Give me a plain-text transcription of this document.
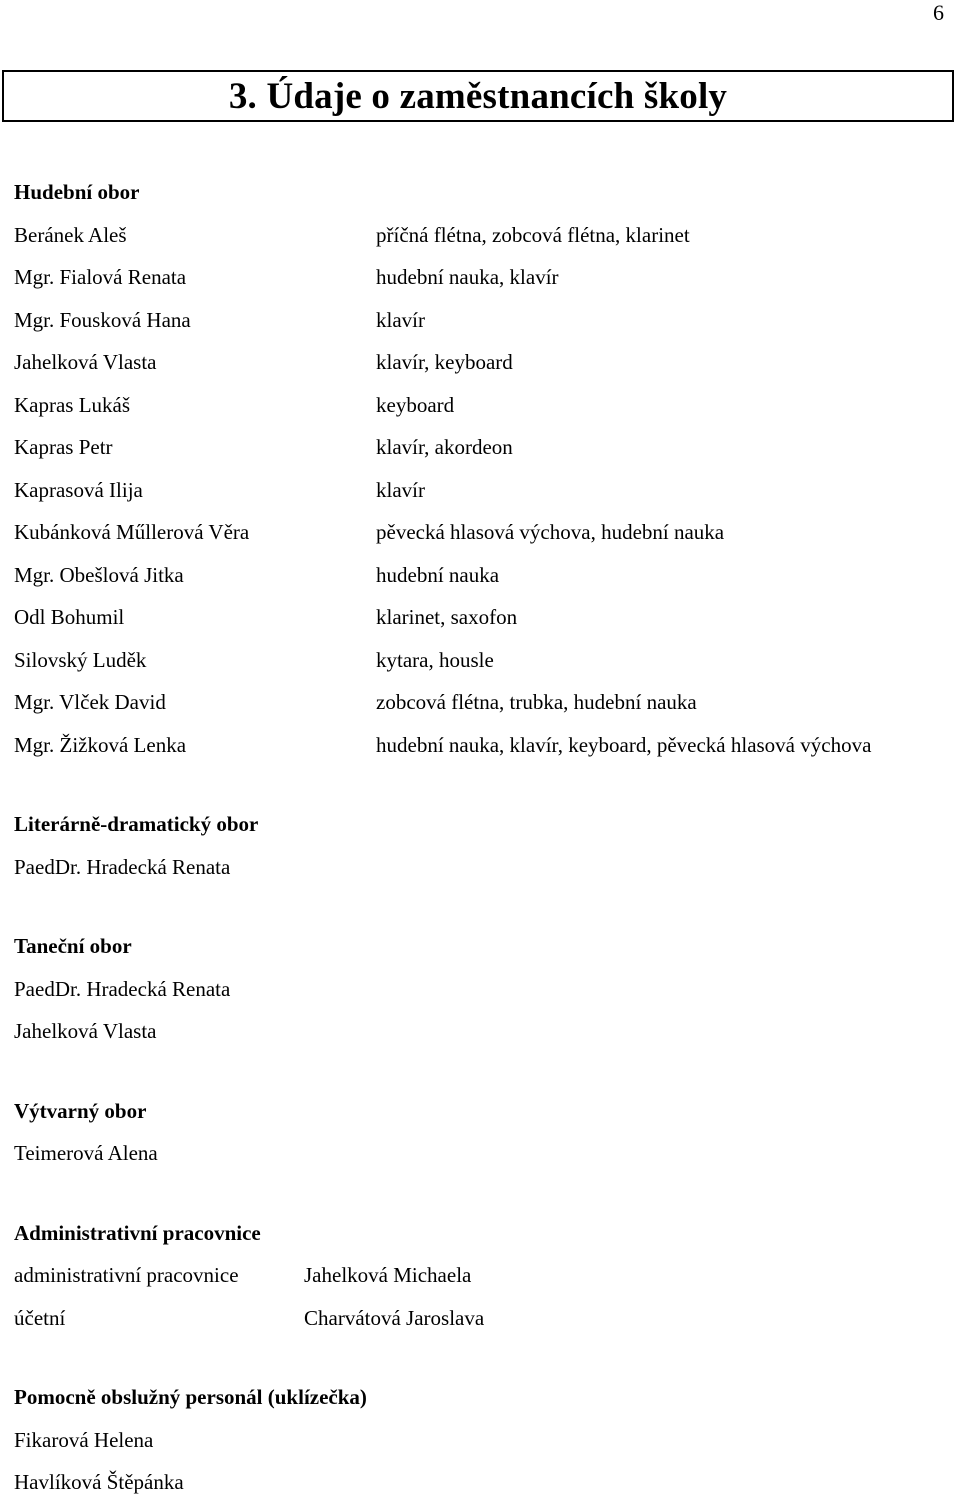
6
3. Údaje o zaměstnancích školy
Hudební obor
Beránek Aleš	příčná flétna, zobcová flétna, klarinet
Mgr. Fialová Renata	hudební nauka, klavír
Mgr. Fousková Hana	klavír
Jahelková Vlasta	klavír, keyboard
Kapras Lukáš	keyboard
Kapras Petr	klavír, akordeon
Kaprasová Ilija	klavír
Kubánková Műllerová Věra	pěvecká hlasová výchova, hudební nauka
Mgr. Obešlová Jitka	hudební nauka
Odl Bohumil	klarinet, saxofon
Silovský Luděk	kytara, housle
Mgr. Vlček David	zobcová flétna, trubka, hudební nauka
Mgr. Žižková Lenka	hudební nauka, klavír, keyboard, pěvecká hlasová výchova
Literárně-dramatický obor
PaedDr. Hradecká Renata
Taneční obor
PaedDr. Hradecká Renata
Jahelková Vlasta
Výtvarný obor
Teimerová Alena
Administrativní pracovnice
administrativní pracovnice	Jahelková Michaela
účetní	Charvátová Jaroslava
Pomocně obslužný personál (uklízečka)
Fikarová Helena
Havlíková Štěpánka
